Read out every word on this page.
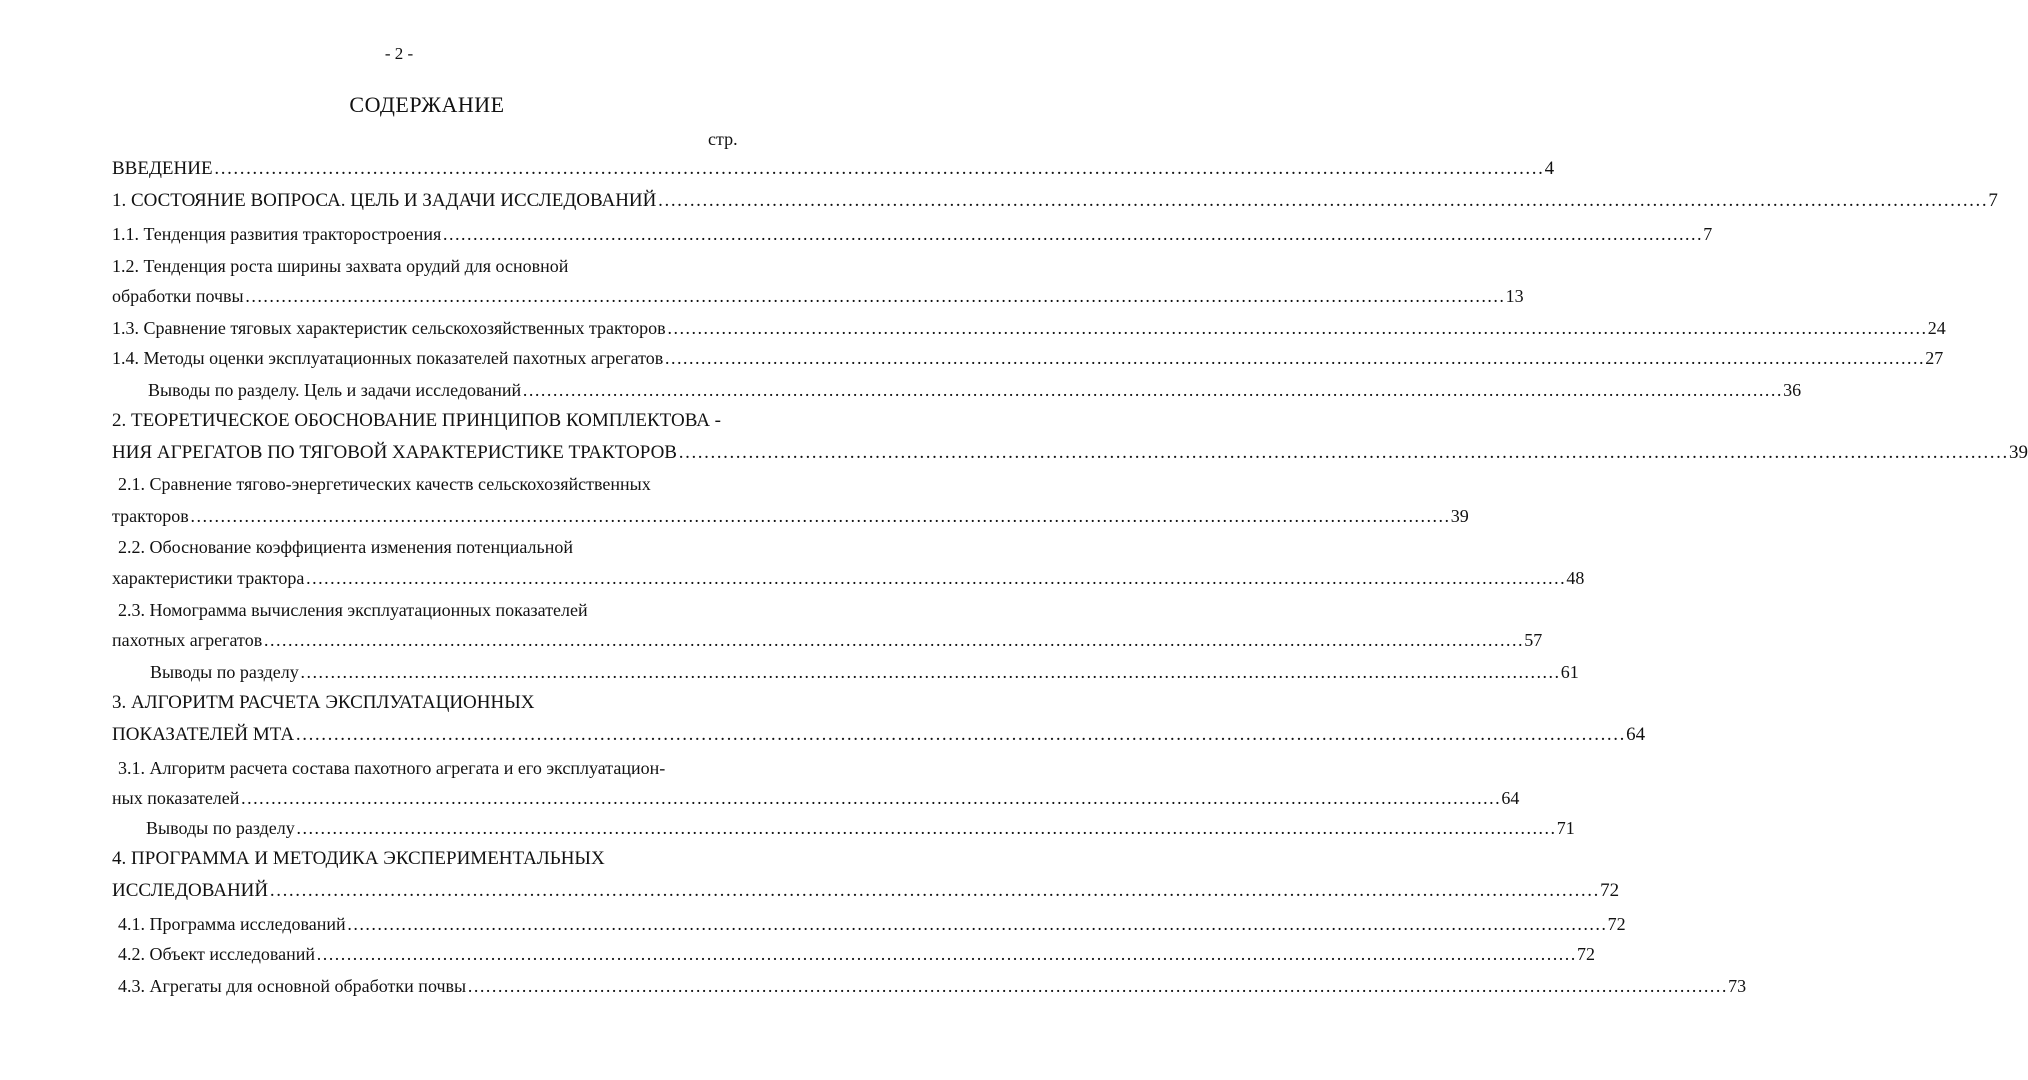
- 2 -
СОДЕРЖАНИЕ
стр.
ВВЕДЕНИЕ ………………………………………………………………………………………………………………………………………………………………………………………… 4
1. СОСТОЯНИЕ ВОПРОСА. ЦЕЛЬ И ЗАДАЧИ ИССЛЕДОВАНИЙ ………………………………………………………………………………………………………………………………………………………………………………………… 7
1.1. Тенденция развития тракторостроения ………………………………………………………………………………………………………………………………………………………………………………………… 7
1.2. Тенденция роста ширины захвата орудий для основной
обработки почвы ………………………………………………………………………………………………………………………………………………………………………………………… 13
1.3. Сравнение тяговых характеристик сельскохозяйственных тракторов ………………………………………………………………………………………………………………………………………………………………………………………… 24
1.4. Методы оценки эксплуатационных показателей пахотных агрегатов ………………………………………………………………………………………………………………………………………………………………………………………… 27
Выводы по разделу. Цель и задачи исследований ………………………………………………………………………………………………………………………………………………………………………………………… 36
2. ТЕОРЕТИЧЕСКОЕ ОБОСНОВАНИЕ ПРИНЦИПОВ КОМПЛЕКТОВА -
НИЯ АГРЕГАТОВ ПО ТЯГОВОЙ ХАРАКТЕРИСТИКЕ ТРАКТОРОВ ………………………………………………………………………………………………………………………………………………………………………………………… 39
2.1. Сравнение тягово-энергетических качеств сельскохозяйственных
тракторов ………………………………………………………………………………………………………………………………………………………………………………………… 39
2.2. Обоснование коэффициента изменения потенциальной
характеристики трактора ………………………………………………………………………………………………………………………………………………………………………………………… 48
2.3. Номограмма вычисления эксплуатационных показателей
пахотных агрегатов ………………………………………………………………………………………………………………………………………………………………………………………… 57
Выводы по разделу ………………………………………………………………………………………………………………………………………………………………………………………… 61
3. АЛГОРИТМ РАСЧЕТА ЭКСПЛУАТАЦИОННЫХ
ПОКАЗАТЕЛЕЙ МТА ………………………………………………………………………………………………………………………………………………………………………………………… 64
3.1. Алгоритм расчета состава пахотного агрегата и его эксплуатацион-
ных показателей ………………………………………………………………………………………………………………………………………………………………………………………… 64
Выводы по разделу ………………………………………………………………………………………………………………………………………………………………………………………… 71
4. ПРОГРАММА И МЕТОДИКА ЭКСПЕРИМЕНТАЛЬНЫХ
ИССЛЕДОВАНИЙ ………………………………………………………………………………………………………………………………………………………………………………………… 72
4.1. Программа исследований ………………………………………………………………………………………………………………………………………………………………………………………… 72
4.2. Объект исследований ………………………………………………………………………………………………………………………………………………………………………………………… 72
4.3. Агрегаты для основной обработки почвы ………………………………………………………………………………………………………………………………………………………………………………………… 73
